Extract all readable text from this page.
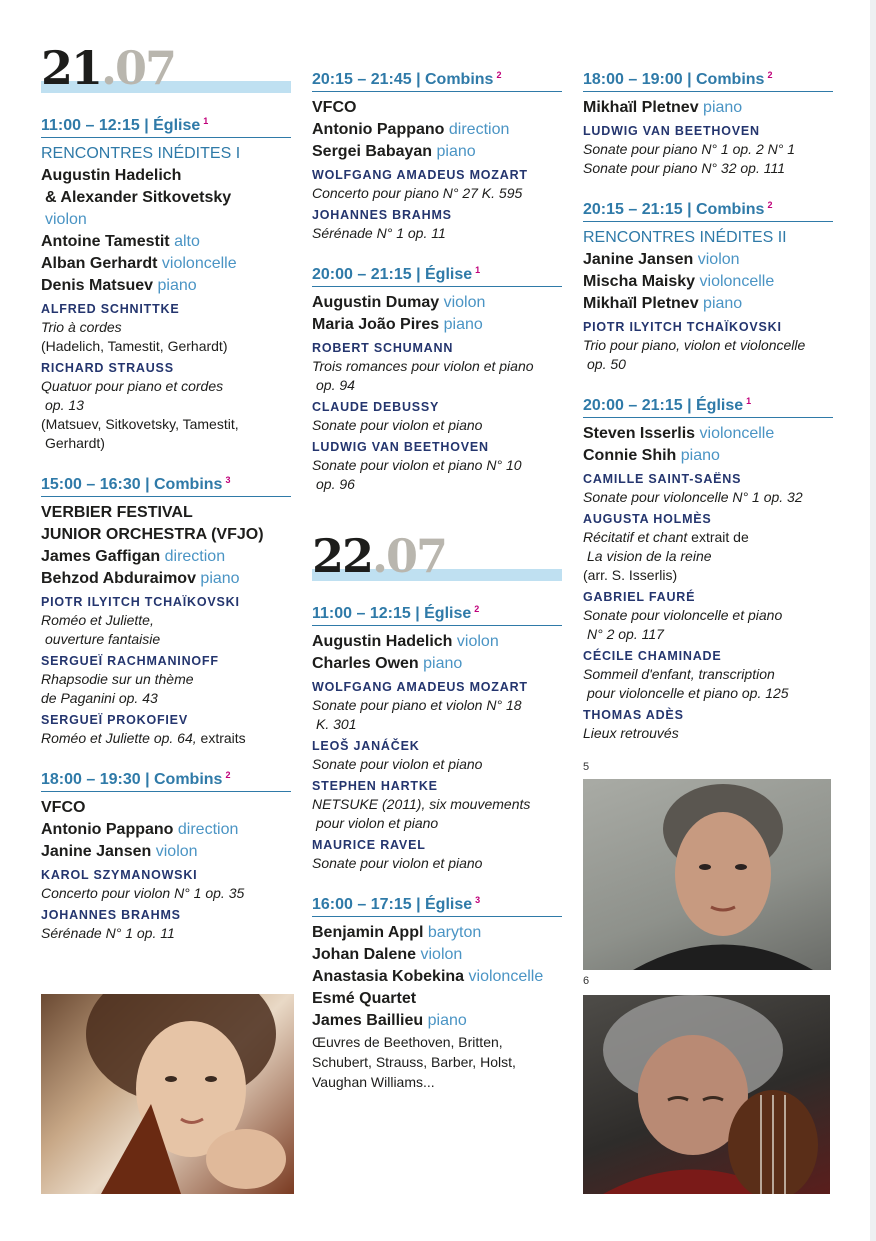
21.07
11:00 – 12:15 | Église $^1$
RENCONTRES INÉDITES I
Augustin Hadelich
& Alexander Sitkovetsky
violon
Antoine Tamestit alto
Alban Gerhardt violoncelle
Denis Matsuev piano
ALFRED SCHNITTKE
Trio à cordes
(Hadelich, Tamestit, Gerhardt)
RICHARD STRAUSS
Quatuor pour piano et cordes
op. 13
(Matsuev, Sitkovetsky, Tamestit,
Gerhardt)
15:00 – 16:30 | Combins $^3$
VERBIER FESTIVAL
JUNIOR ORCHESTRA (VFJO)
James Gaffigan direction
Behzod Abduraimov piano
PIOTR ILYITCH TCHAÏKOVSKI
Roméo et Juliette,
ouverture fantaisie
SERGUEÏ RACHMANINOFF
Rhapsodie sur un thème
de Paganini op. 43
SERGUEÏ PROKOFIEV
Roméo et Juliette op. 64, extraits
18:00 – 19:30 | Combins $^2$
VFCO
Antonio Pappano direction
Janine Jansen violon
KAROL SZYMANOWSKI
Concerto pour violon N° 1 op. 35
JOHANNES BRAHMS
Sérénade N° 1 op. 11
20:15 – 21:45 | Combins $^2$
VFCO
Antonio Pappano direction
Sergei Babayan piano
WOLFGANG AMADEUS MOZART
Concerto pour piano N° 27 K. 595
JOHANNES BRAHMS
Sérénade N° 1 op. 11
20:00 – 21:15 | Église $^1$
Augustin Dumay violon
Maria João Pires piano
ROBERT SCHUMANN
Trois romances pour violon et piano
op. 94
CLAUDE DEBUSSY
Sonate pour violon et piano
LUDWIG VAN BEETHOVEN
Sonate pour violon et piano N° 10
op. 96
22.07
11:00 – 12:15 | Église $^2$
Augustin Hadelich violon
Charles Owen piano
WOLFGANG AMADEUS MOZART
Sonate pour piano et violon N° 18
K. 301
LEOŠ JANÁČEK
Sonate pour violon et piano
STEPHEN HARTKE
NETSUKE (2011), six mouvements
pour violon et piano
MAURICE RAVEL
Sonate pour violon et piano
16:00 – 17:15 | Église $^3$
Benjamin Appl baryton
Johan Dalene violon
Anastasia Kobekina violoncelle
Esmé Quartet
James Baillieu piano
Œuvres de Beethoven, Britten,
Schubert, Strauss, Barber, Holst,
Vaughan Williams...
18:00 – 19:00 | Combins $^2$
Mikhaïl Pletnev piano
LUDWIG VAN BEETHOVEN
Sonate pour piano N° 1 op. 2 N° 1
Sonate pour piano N° 32 op. 111
20:15 – 21:15 | Combins $^2$
RENCONTRES INÉDITES II
Janine Jansen violon
Mischa Maisky violoncelle
Mikhaïl Pletnev piano
PIOTR ILYITCH TCHAÏKOVSKI
Trio pour piano, violon et violoncelle
op. 50
20:00 – 21:15 | Église $^1$
Steven Isserlis violoncelle
Connie Shih piano
CAMILLE SAINT-SAËNS
Sonate pour violoncelle N° 1 op. 32
AUGUSTA HOLMÈS
Récitatif et chant extrait de
La vision de la reine
(arr. S. Isserlis)
GABRIEL FAURÉ
Sonate pour violoncelle et piano
N° 2 op. 117
CÉCILE CHAMINADE
Sommeil d'enfant, transcription
pour violoncelle et piano op. 125
THOMAS ADÈS
Lieux retrouvés
5
6
